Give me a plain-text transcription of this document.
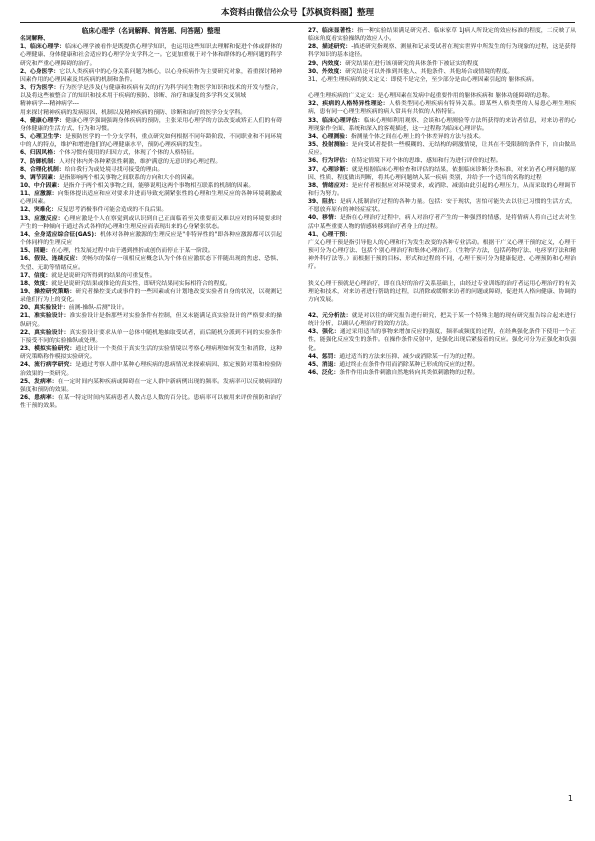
本资料由微信公众号【苏枫资料圈】整理

临床心理学（名词解释、简答题、问答题）整理

名词解释、

1、临床心理学：临床心理学被看作是既提供心理学知识，也运用这些知识去理解和促进个体或群体的心理健康、身体健康和社会适应的心理学分支学科之一。它更加重视于对个体和群体的心理问题的科学研究和严重心理障碍的治疗。

2、心身医学：它以人类疾病中的心身关系问题为核心，以心身疾病作为主要研究对象，着重探讨精神因素作用的心理因素及其疾病的机制和条件。

3、行为医学：行为医学是涉及(与健康和疾病有关的)行为科学同生物医学知识和技术的开发与整合，以及将这些被整合了的知识和技术用于疾病的预防、诊断、治疗和康复的多学科交叉领域

精神病学---精神病学---

用来探讨精神疾病的发病原因、机制以及精神疾病的预防、诊断和治疗的医学分支学科。

4、健康心理学：健康心理学强调强调身体疾病的预防，主张采用心理学的方法改变或矫正人们的有碍身体健康的生活方式、行为和习惯。

5、心理卫生学：是预防医学的一个分支学科，重点研究如何根据不同年龄阶段、不同职业和不同环境中的人的特点，维护和增进他们的心理健康水平，预防心理疾病的发生。

6、归因风格：个体习惯有使用的归因方式，体现了个体的人格特征。

7、防御机制：人对付体内外各种紧张性刺激，维护满意的无意识的心理过程。

8、合理化机制：给自我行为或处境寻找可接受的理由。

9、调节因素：是指影响两个相关事物之间联系的方向和大小的因素。

10、中介因素：是指介于两个相关事物之间，能够说明这两个事物相互联系的机制的因素。

11、应激源：向集体提出适应和应对要求并进而导致充满紧张性的心理和生理反应的各种环境刺激或心理因素。

12、突难化：反复思考消极事件可能会造成的不良后果。

13、应激反应：心理应激是个人在察觉到或认识到自己正面临着至关重要而又难以应对的环境要求时产生的一种倾向于通过各式各样的心理和生理反应而表现出来的心身紧张状态。

14、全身适应综合征(GAS)：机体对各种应激源的生理反应是"非特异性的"即各种应激源都可以引起个体同样的生理反应

15、回避：在心理，性发展过程中由于遇到挫折或创伤而停止于某一阶段。

16、假设、连续反应：美畅尔的保存一项相反应概念认为个体在应激状态下伴随出现的焦虑、恐惧、失望、无助等情绪反应。

17、信度：就是是说研究所得到的结果的可重复性。

18、效度：就是是说研究结果或推论的真实性，即研究结果同实际相符合的程度。

19、操控研究策略：研究者操控变式或事件的一些因素或有计划地改变实验者自身的状况，以观测记录他们行为上的变化。

20、真实验设计：前测-操纵-后测"设计。

21、准实验设计：准实验设计是指那些对实验条件有控制，但又未能满足真实验设计的严格要求的操纵研究。

22、真实验设计：真实验设计要求从单一总体中随机地抽取受试者，而后随机分派到不同的实验条件下接受不同的实验操纵或处理。

23、模拟实验研究：通过设计一个类似于真实生活的实验情境以考察心理病理如何发生和消除，这种研究策略称作模拟实验研究。

24、流行病学研究：是通过考察人群中某种心理疾病的患病情况来探索病因、拟定预防对策和检验防治效果的一类研究。

25、发病率：在一定时间内某种疾病或障碍在一定人群中新病例出现的频率。发病率可以反映病因的强度和预防的效果。

26、患病率：在某一特定时间内某病患者人数占总人数的百分比。患病率可以被用来评价预防和治疗性干预的效果。

27、临床显著性：指一种实验结果满足研究者、临床家草 1J病人所设定的效应标准的程度，二反映了从临床角度看实验操纵的效应人小。

28、描述研究：-描述研究指观察、测量和记录受试者在现实世界中所发生的行为现象的过程，这是获得科学知识的基本途径。

29、内效度：研究结果在进行该项研究的具体条件下被证实的程度

30、外效度：研究结论可以外推到其他人、其他条件、其他场合或情境的程度。

31、心理生理疾病的狭义定义：即使不是完全，至少部分是由心理因素引起的 躯体疾病。

心理生理疾病的广义定义：是心理因素在发病中起重要作用的躯体疾病和 躯体功能障碍的总称。

32、疾病的人格特异性理论：人格类型同心理疾病有特异关系。即某些人格类型的人易患心理生理疾病，患有同一心理生理疾病的病人常具有共似的人格特征。

33、临床心理评估：临床心理师利用观察、会谈和心理测验等方法所获得的来访者信息，对来访者的心理现象作全面、系统和深入的客观描述，这一过程称为临床心理评估。

34、心理测验：指测量个体之间在心理上的个体差异的方法与技术。

35、投射测验：是向受试者提供一些模糊的、无结构的刺激情境，让其在不受限制的条件下，自由做出反应。

36、行为评估：在特定情境下对个体的思维、感知和行为进行评价的过程。

37、心理诊断：就是根据临床心理检查和评估的结果，依据临床诊断分类标准，对来访者心理问题的原因、性质、程度做出判断，将其心理问题纳入某一疾病 类别，并给予一个适当的名称的过程

38、情绪应对：是应付者根据应对环境要求，或消除、减弱由此引起的心理压力，从而采取的心理调节和行为努力。

39、阻抗：是病人抵制治疗过程的各种力量。包括：安于现状，害怕可能失去以往已习惯的生活方式，不愿放弃原有的神经症症状。

40、移情：是指在心理治疗过程中，病人对治疗者产生的一种强烈的情感，是将情病人将自己过去对生活中某些重要人物的情感转移到治疗者身上的过程。

41、心理干预：

广义心理干预是指引导他人的心理和行为发生改变的各种专业活动。根据干广义心理干预的定义，心理干预可分为心理疗法、包括个别心理治疗和集体心理治疗。（生物学方法，包括药物疗法、电痉挛疗法和精神外科疗法等。）而根据于预的目标、形式和过程的不同，心理干预可分为健康促进、心理预防和心理治疗。

狭义心理干预就是心理治疗，即在良好的治疗关系基础上，由经过专业训练的治疗者运用心理治疗的有关理论和技术，对来访者进行帮助的过程，以消除或缓解来访者的问题或障碍，促进其人格向健康、协调的方向发展。

42、元分析法：就是对以往的研究报告进行研究，把关于某一个特殊主题的现有研究报告综合起来进行统计分析，以确认心理治疗的效的方法。

43、强化：通过采用适当的事物来增加反应的强度，频率或频度的过程，在经典强化条件下使用一个正性，能强化反应发生的条件。在操作条件反射中，是强化出现后紧接着的反应。强化可分为正强化和负强化。

44、惩罚：通过适当的方法来压抑、减少或消除某一行为的过程。

45、消退：通过终止在条件作用而消除某种已形成的反应的过程。

46、泛化：条件作用由条件刺激自然地转向其类似刺激物的过程。

1
